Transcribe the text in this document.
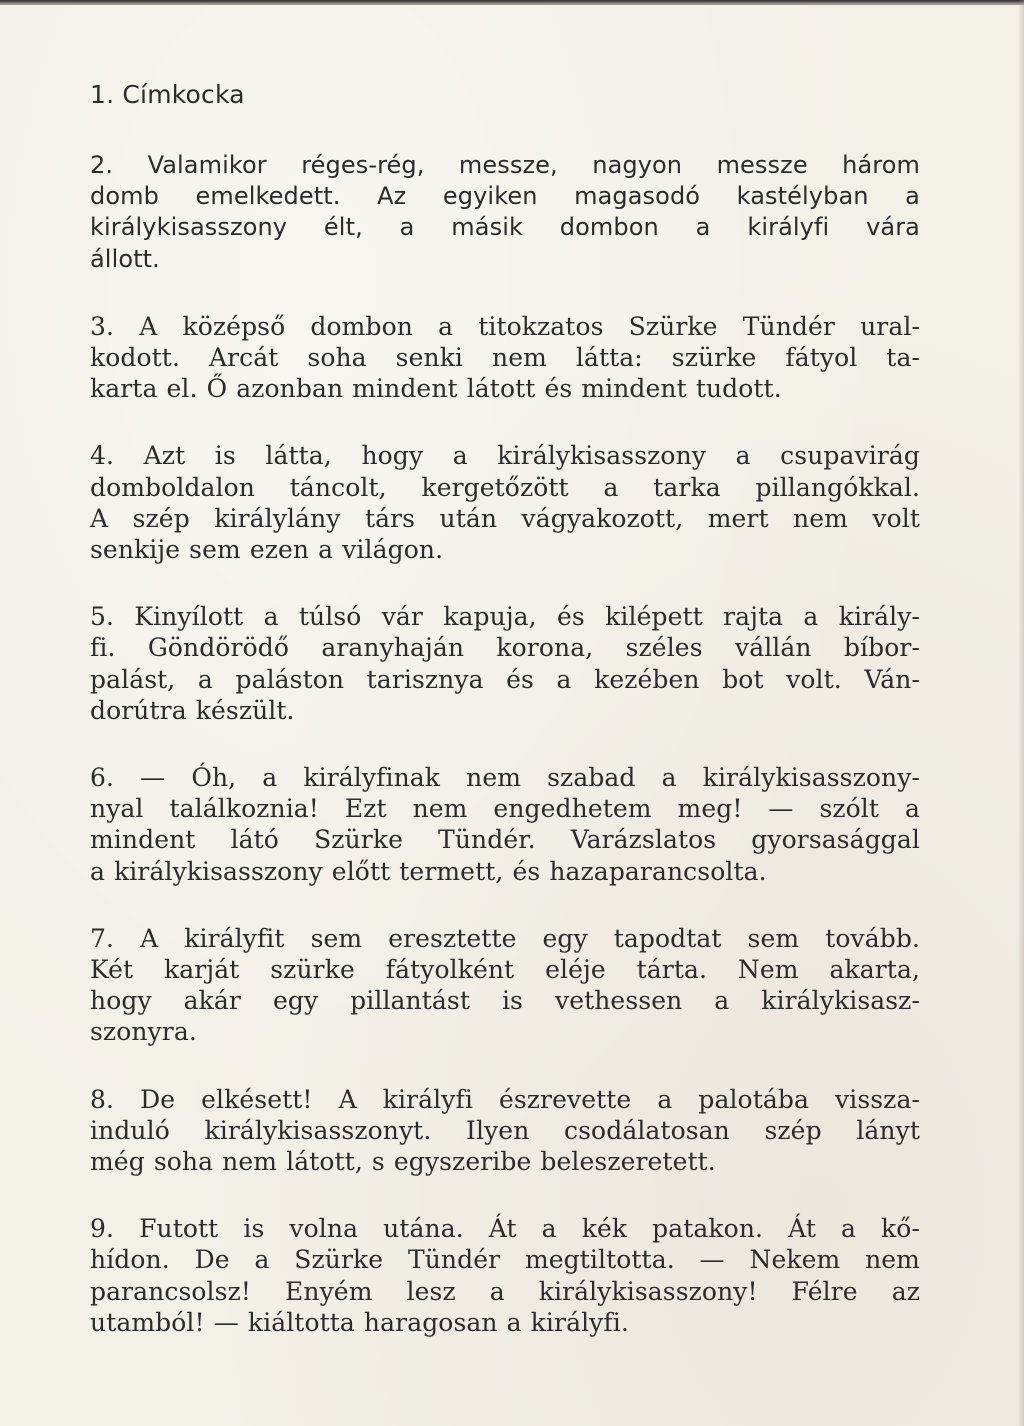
1. Címkocka
2. Valamikor réges-rég, messze, nagyon messze három
domb emelkedett. Az egyiken magasodó kastélyban a
királykisasszony élt, a másik dombon a királyfi vára
állott.
3. A középső dombon a titokzatos Szürke Tündér ural-
kodott. Arcát soha senki nem látta: szürke fátyol ta-
karta el. Ő azonban mindent látott és mindent tudott.
4. Azt is látta, hogy a királykisasszony a csupavirág
domboldalon táncolt, kergetőzött a tarka pillangókkal.
A szép királylány társ után vágyakozott, mert nem volt
senkije sem ezen a világon.
5. Kinyílott a túlsó vár kapuja, és kilépett rajta a király-
fi. Göndörödő aranyhaján korona, széles vállán bíbor-
palást, a paláston tarisznya és a kezében bot volt. Ván-
dorútra készült.
6. — Óh, a királyfinak nem szabad a királykisasszony-
nyal találkoznia! Ezt nem engedhetem meg! — szólt a
mindent látó Szürke Tündér. Varázslatos gyorsasággal
a királykisasszony előtt termett, és hazaparancsolta.
7. A királyfit sem eresztette egy tapodtat sem tovább.
Két karját szürke fátyolként eléje tárta. Nem akarta,
hogy akár egy pillantást is vethessen a királykisasz-
szonyra.
8. De elkésett! A királyfi észrevette a palotába vissza-
induló királykisasszonyt. Ilyen csodálatosan szép lányt
még soha nem látott, s egyszeribe beleszeretett.
9. Futott is volna utána. Át a kék patakon. Át a kő-
hídon. De a Szürke Tündér megtiltotta. — Nekem nem
parancsolsz! Enyém lesz a királykisasszony! Félre az
utamból! — kiáltotta haragosan a királyfi.
